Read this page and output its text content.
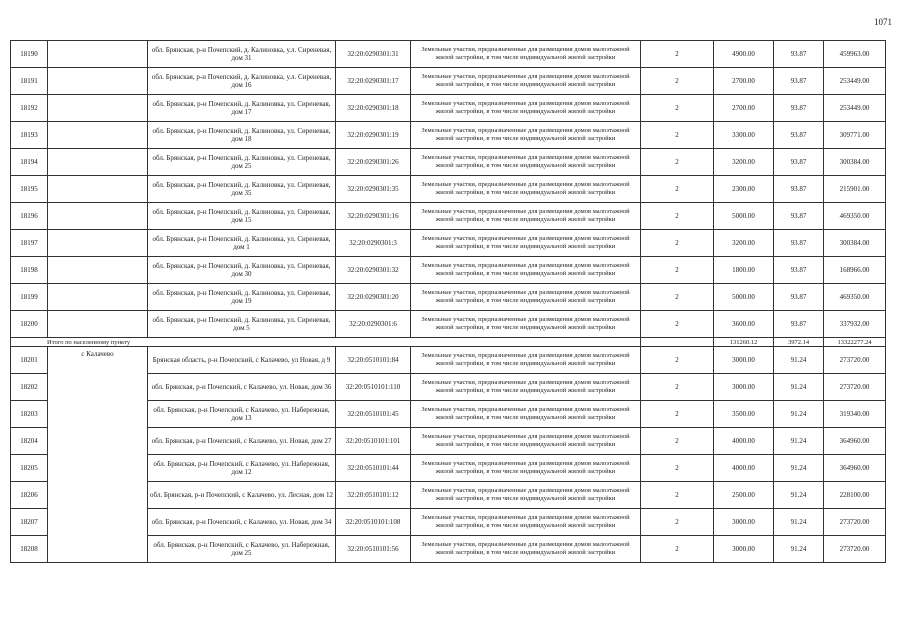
1071
18190		обл. Брянская, р-н Почепский, д. Калиновка, у.л. Сиреневая, дом 31	32:20:0290301:31	Земельные участки, предназначенные для размещения домов малоэтажной жилой застройки, в том числе индивидуальной жилой застройки	2	4900.00	93.87	459963.00
18191		обл. Брянская, р-н Почепский, д. Калиновка, у.л. Сиреневая, дом 16	32:20:0290301:17	Земельные участки, предназначенные для размещения домов малоэтажной жилой застройки, в том числе индивидуальной жилой застройки	2	2700.00	93.87	253449.00
18192		обл. Брянская, р-н Почепский, д. Калиновка, ул. Сиреневая, дом 17	32:20:0290301:18	Земельные участки, предназначенные для размещения домов малоэтажной жилой застройки, в том числе индивидуальной жилой застройки	2	2700.00	93.87	253449.00
18193		обл. Брянская, р-н Почепский, д. Калиновка, ул. Сиреневая, дом 18	32:20:0290301:19	Земельные участки, предназначенные для размещения домов малоэтажной жилой застройки, в том числе индивидуальной жилой застройки	2	3300.00	93.87	309771.00
18194		обл. Брянская, р-н Почепский, д. Калиновка, ул. Сиреневая, дом 25	32:20:0290301:26	Земельные участки, предназначенные для размещения домов малоэтажной жилой застройки, в том числе индивидуальной жилой застройки	2	3200.00	93.87	300384.00
18195		обл. Брянская, р-н Почепский, д. Калиновка, ул. Сиреневая, дом 35	32:20:0290301:35	Земельные участки, предназначенные для размещения домов малоэтажной жилой застройки, в том числе индивидуальной жилой застройки	2	2300.00	93.87	215901.00
18196		обл. Брянская, р-н Почепский, д. Калиновка, ул. Сиреневая, дом 15	32:20:0290301:16	Земельные участки, предназначенные для размещения домов малоэтажной жилой застройки, в том числе индивидуальной жилой застройки	2	5000.00	93.87	469350.00
18197		обл. Брянская, р-н Почепский, д. Калиновка, ул. Сиреневая, дом 1	32:20:0290301:3	Земельные участки, предназначенные для размещения домов малоэтажной жилой застройки, в том числе индивидуальной жилой застройки	2	3200.00	93.87	300384.00
18198		обл. Брянская, р-н Почепский, д. Калиновка, ул. Сиреневая, дом 30	32:20:0290301:32	Земельные участки, предназначенные для размещения домов малоэтажной жилой застройки, в том числе индивидуальной жилой застройки	2	1800.00	93.87	168966.00
18199		обл. Брянская, р-н Почепский, д. Калиновка, ул. Сиреневая, дом 19	32:20:0290301:20	Земельные участки, предназначенные для размещения домов малоэтажной жилой застройки, в том числе индивидуальной жилой застройки	2	5000.00	93.87	469350.00
18200		обл. Брянская, р-н Почепский, д. Калиновка, ул. Сиреневая, дом 5	32:20:0290301:6	Земельные участки, предназначенные для размещения домов малоэтажной жилой застройки, в том числе индивидуальной жилой застройки	2	3600.00	93.87	337932.00
Итого по населенному пункту						131260.12	3972.14	13322277.24
18201	с Калачево	Брянская область, р-н Почепский, с Калачево, ул Новая, д 9	32:20:0510101:84	Земельные участки, предназначенные для размещения домов малоэтажной жилой застройки, в том числе индивидуальной жилой застройки	2	3000.00	91.24	273720.00
18202		обл. Брянская, р-н Почепский, с Калачево, ул. Новая, дом 36	32:20:0510101:110	Земельные участки, предназначенные для размещения домов малоэтажной жилой застройки, в том числе индивидуальной жилой застройки	2	3000.00	91.24	273720.00
18203		обл. Брянская, р-н Почепский, с Калачево, ул. Набережная, дом 13	32:20:0510101:45	Земельные участки, предназначенные для размещения домов малоэтажной жилой застройки, в том числе индивидуальной жилой застройки	2	3500.00	91.24	319340.00
18204		обл. Брянская, р-н Почепский, с Калачево, ул. Новая, дом 27	32:20:0510101:101	Земельные участки, предназначенные для размещения домов малоэтажной жилой застройки, в том числе индивидуальной жилой застройки	2	4000.00	91.24	364960.00
18205		обл. Брянская, р-н Почепский, с Калачево, ул. Набережная, дом 12	32:20:0510101:44	Земельные участки, предназначенные для размещения домов малоэтажной жилой застройки, в том числе индивидуальной жилой застройки	2	4000.00	91.24	364960.00
18206		обл. Брянская, р-н Почепский, с Калачево, ул. Лесная, дом 12	32:20:0510101:12	Земельные участки, предназначенные для размещения домов малоэтажной жилой застройки, в том числе индивидуальной жилой застройки	2	2500.00	91.24	228100.00
18207		обл. Брянская, р-н Почепский, с Калачево, ул. Новая, дом 34	32:20:0510101:108	Земельные участки, предназначенные для размещения домов малоэтажной жилой застройки, в том числе индивидуальной жилой застройки	2	3000.00	91.24	273720.00
18208		обл. Брянская, р-н Почепский, с Калачево, ул. Набережная, дом 25	32:20:0510101:56	Земельные участки, предназначенные для размещения домов малоэтажной жилой застройки, в том числе индивидуальной жилой застройки	2	3000.00	91.24	273720.00
